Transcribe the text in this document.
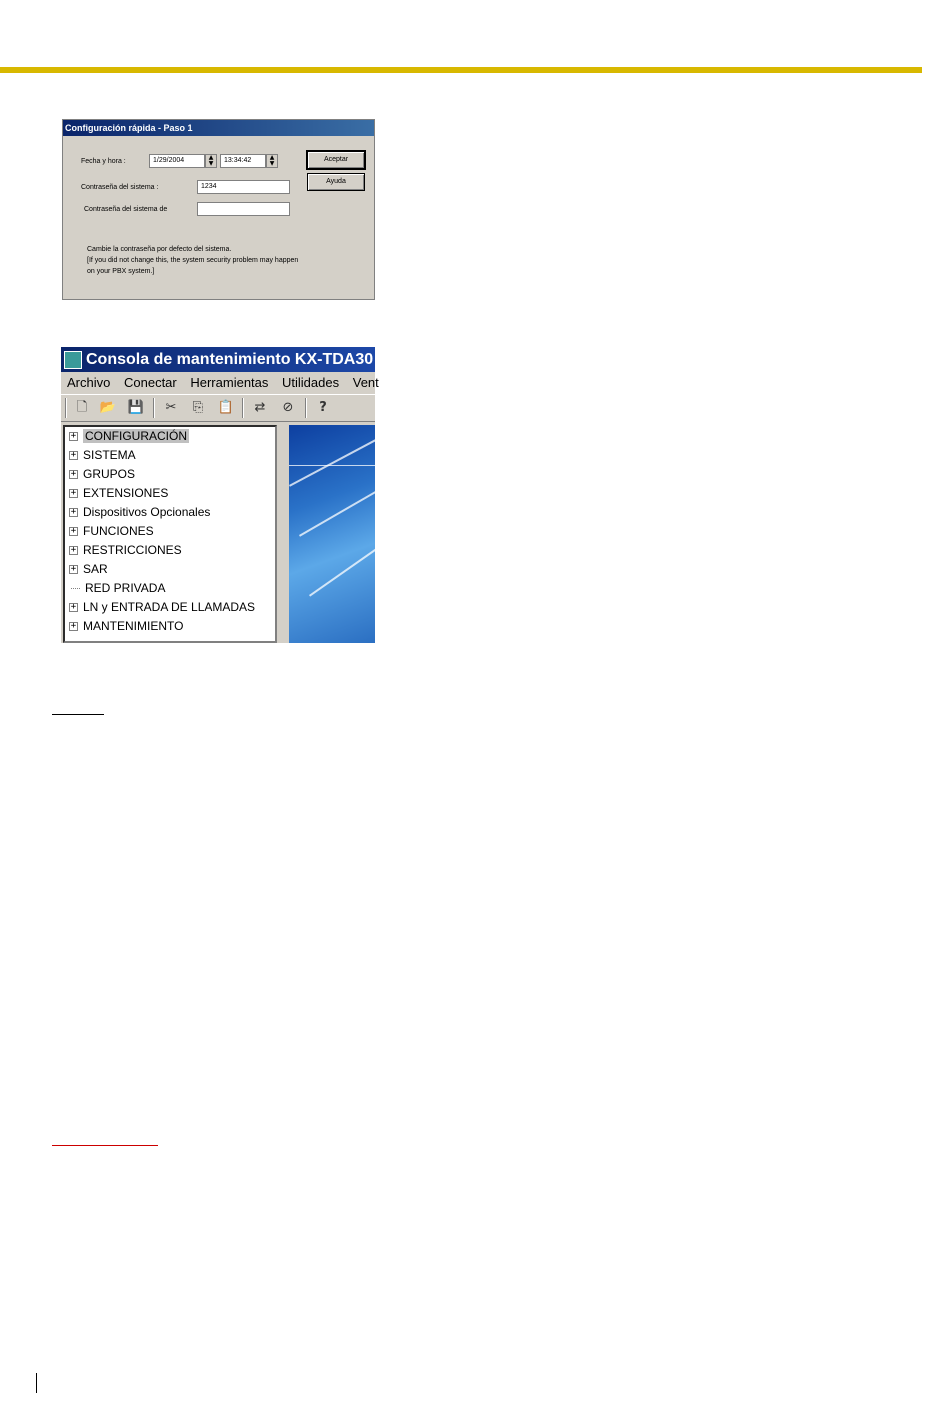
Configuración rápida - Paso 1
Fecha y hora :	1/29/2004	▲
▼	13:34:42	▲
▼
Contraseña del sistema :	1234
Contraseña del sistema de
Aceptar
Ayuda
Cambie la contraseña por defecto del sistema.
[If you did not change this, the system security problem may happen
on your PBX system.]
Consola de mantenimiento KX-TDA30
Archivo Conectar Herramientas Utilidades Vent
🗋 📂 💾 ✂ ⎘ 📋 ⇄ ⊘	?
+ CONFIGURACIÓN
+ SISTEMA
+ GRUPOS
+ EXTENSIONES
+ Dispositivos Opcionales
+ FUNCIONES
+ RESTRICCIONES
+ SAR
RED PRIVADA
+ LN y ENTRADA DE LLAMADAS
+ MANTENIMIENTO
